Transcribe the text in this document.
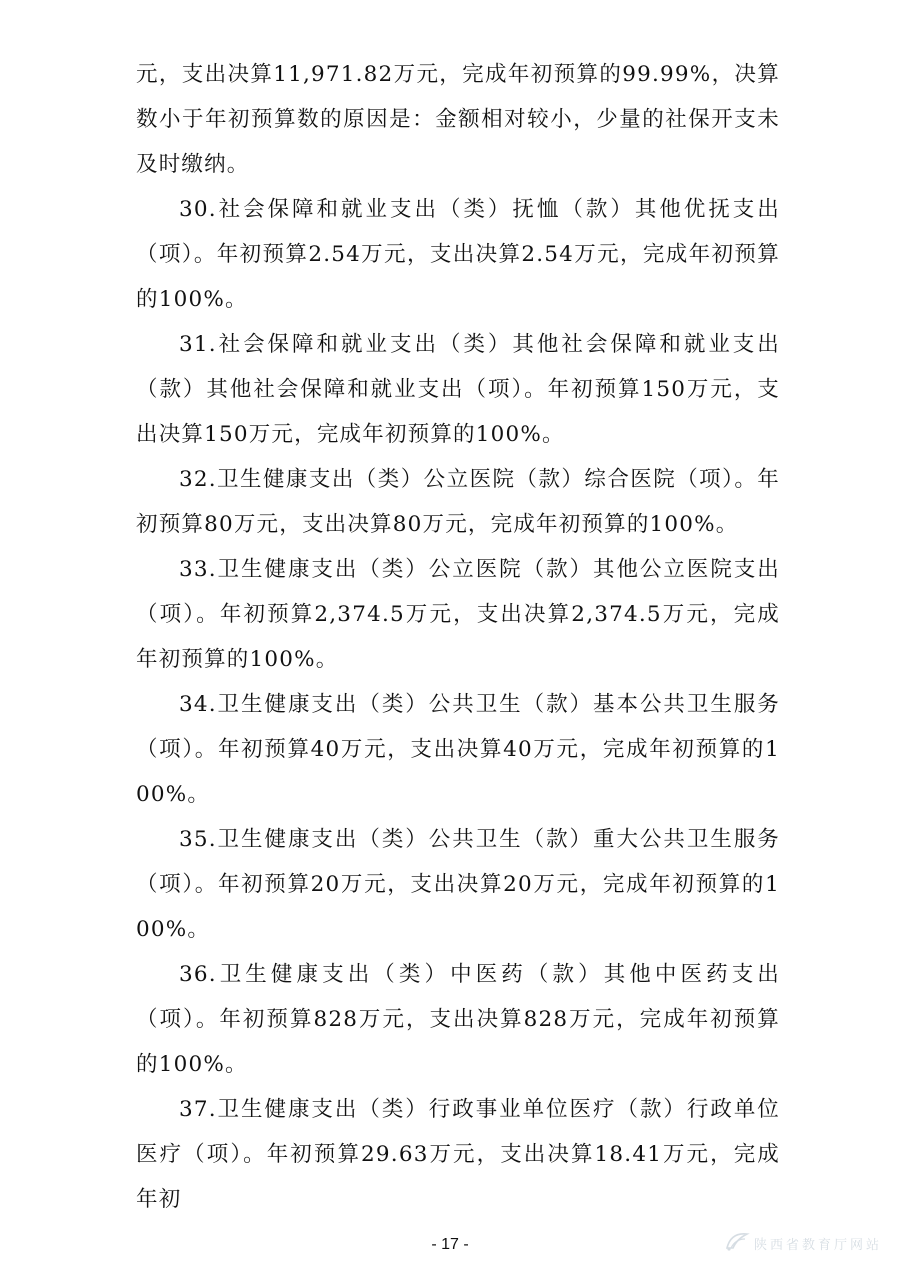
元，支出决算11,971.82万元，完成年初预算的99.99%，决算数小于年初预算数的原因是：金额相对较小，少量的社保开支未及时缴纳。

30.社会保障和就业支出（类）抚恤（款）其他优抚支出（项）。年初预算2.54万元，支出决算2.54万元，完成年初预算的100%。

31.社会保障和就业支出（类）其他社会保障和就业支出（款）其他社会保障和就业支出（项）。年初预算150万元，支出决算150万元，完成年初预算的100%。

32.卫生健康支出（类）公立医院（款）综合医院（项）。年初预算80万元，支出决算80万元，完成年初预算的100%。

33.卫生健康支出（类）公立医院（款）其他公立医院支出（项）。年初预算2,374.5万元，支出决算2,374.5万元，完成年初预算的100%。

34.卫生健康支出（类）公共卫生（款）基本公共卫生服务（项）。年初预算40万元，支出决算40万元，完成年初预算的100%。

35.卫生健康支出（类）公共卫生（款）重大公共卫生服务（项）。年初预算20万元，支出决算20万元，完成年初预算的100%。

36.卫生健康支出（类）中医药（款）其他中医药支出（项）。年初预算828万元，支出决算828万元，完成年初预算的100%。

37.卫生健康支出（类）行政事业单位医疗（款）行政单位医疗（项）。年初预算29.63万元，支出决算18.41万元，完成年初

- 17 -	陕西省教育厅网站
